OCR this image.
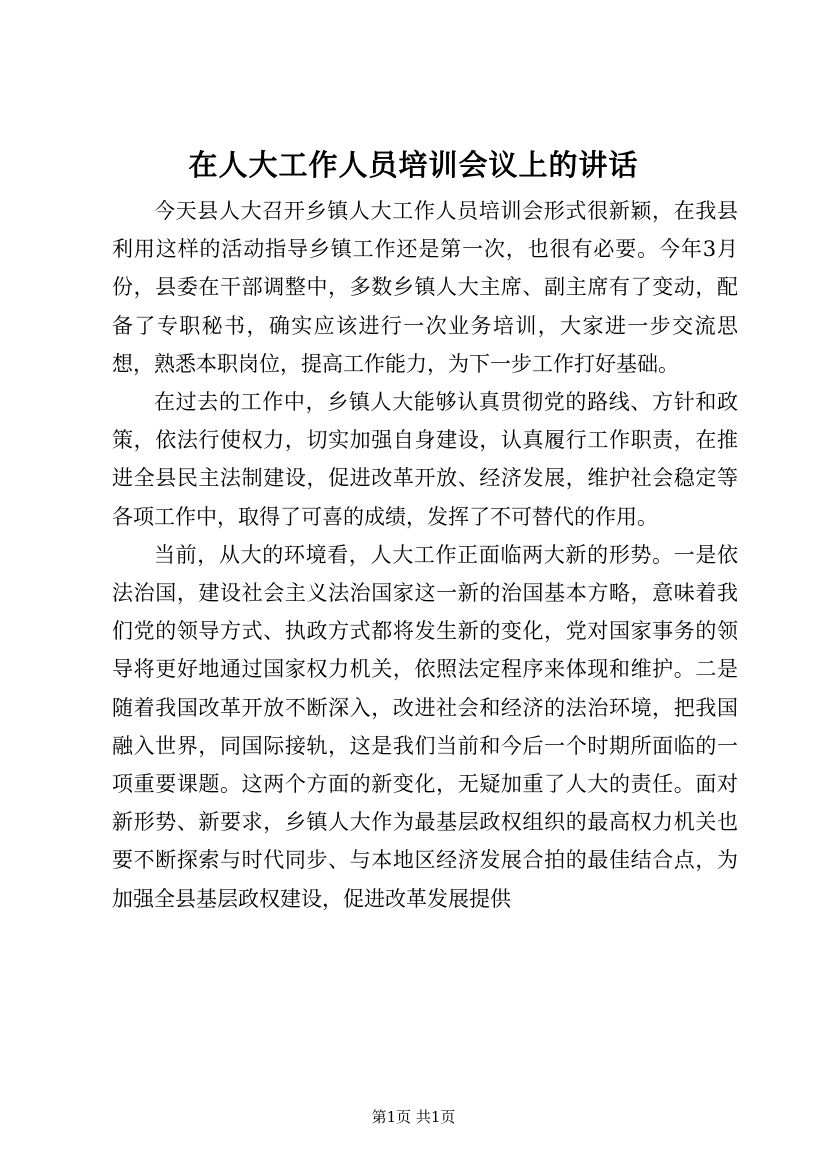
在人大工作人员培训会议上的讲话

今天县人大召开乡镇人大工作人员培训会形式很新颖，在我县利用这样的活动指导乡镇工作还是第一次，也很有必要。今年3月份，县委在干部调整中，多数乡镇人大主席、副主席有了变动，配备了专职秘书，确实应该进行一次业务培训，大家进一步交流思想，熟悉本职岗位，提高工作能力，为下一步工作打好基础。

在过去的工作中，乡镇人大能够认真贯彻党的路线、方针和政策，依法行使权力，切实加强自身建设，认真履行工作职责，在推进全县民主法制建设，促进改革开放、经济发展，维护社会稳定等各项工作中，取得了可喜的成绩，发挥了不可替代的作用。

当前，从大的环境看，人大工作正面临两大新的形势。一是依法治国，建设社会主义法治国家这一新的治国基本方略，意味着我们党的领导方式、执政方式都将发生新的变化，党对国家事务的领导将更好地通过国家权力机关，依照法定程序来体现和维护。二是随着我国改革开放不断深入，改进社会和经济的法治环境，把我国融入世界，同国际接轨，这是我们当前和今后一个时期所面临的一项重要课题。这两个方面的新变化，无疑加重了人大的责任。面对新形势、新要求，乡镇人大作为最基层政权组织的最高权力机关也要不断探索与时代同步、与本地区经济发展合拍的最佳结合点，为加强全县基层政权建设，促进改革发展提供

第1页 共1页
